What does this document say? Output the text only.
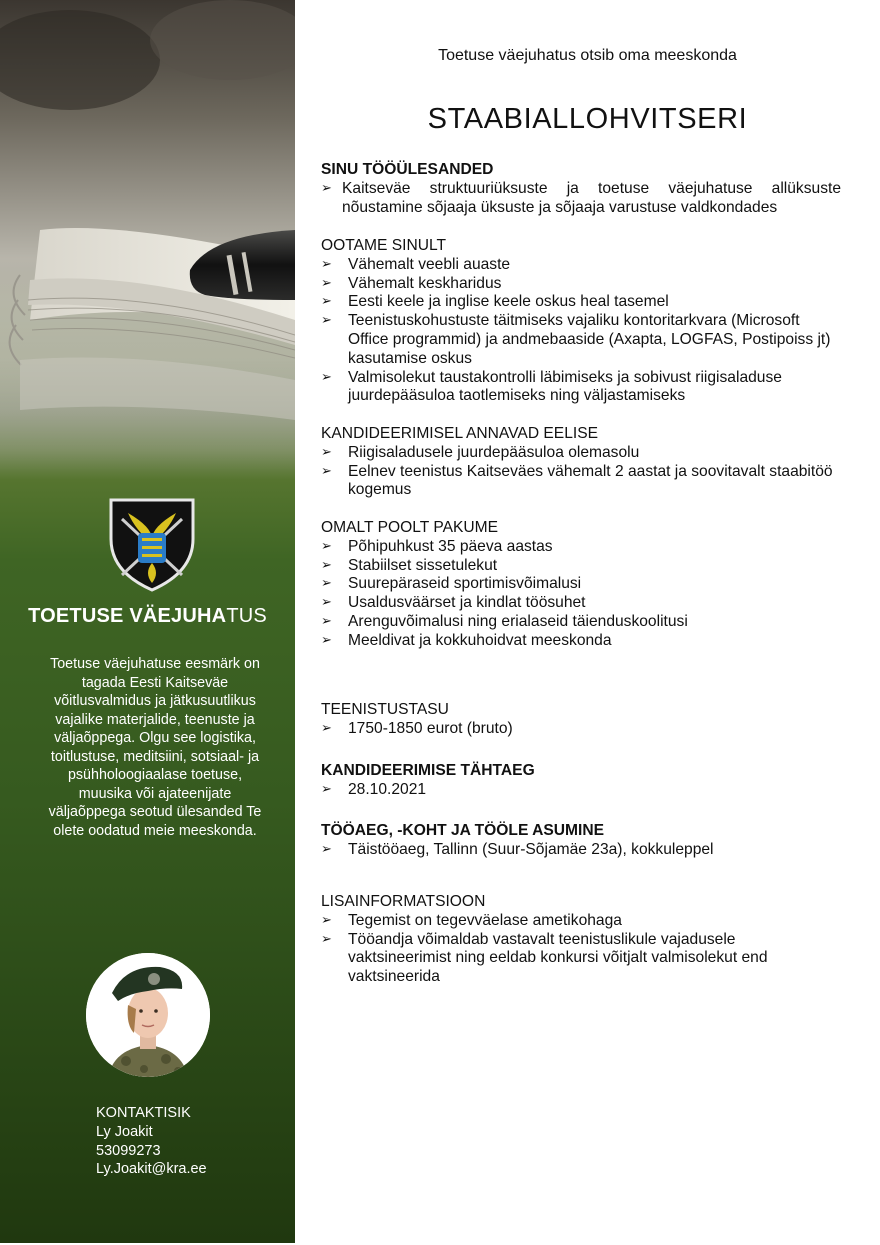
TOETUSE VÄEJUHATUS
Toetuse väejuhatuse eesmärk on tagada Eesti Kaitseväe võitlusvalmidus ja jätkusuutlikus vajalike materjalide, teenuste ja väljaõppega. Olgu see logistika, toitlustuse, meditsiini, sotsiaal- ja psühholoogiaalase toetuse, muusika või ajateenijate väljaõppega seotud ülesanded Te olete oodatud meie meeskonda.
KONTAKTISIK
Ly Joakit
53099273
Ly.Joakit@kra.ee
Toetuse väejuhatus otsib oma meeskonda
STAABIALLOHVITSERI
SINU TÖÖÜLESANDED
➢ Kaitseväe struktuuriüksuste ja toetuse väejuhatuse allüksuste nõustamine sõjaaja üksuste ja sõjaaja varustuse valdkondades
OOTAME SINULT
➢ Vähemalt veebli auaste
➢ Vähemalt keskharidus
➢ Eesti keele ja inglise keele oskus heal tasemel
➢ Teenistuskohustuste täitmiseks vajaliku kontoritarkvara (Microsoft Office programmid) ja andmebaaside (Axapta, LOGFAS, Postipoiss jt) kasutamise oskus
➢ Valmisolekut taustakontrolli läbimiseks ja sobivust riigisaladuse juurdepääsuloa taotlemiseks ning väljastamiseks
KANDIDEERIMISEL ANNAVAD EELISE
➢ Riigisaladusele juurdepääsuloa olemasolu
➢ Eelnev teenistus Kaitseväes vähemalt 2 aastat ja soovitavalt staabitöö kogemus
OMALT POOLT PAKUME
➢ Põhipuhkust 35 päeva aastas
➢ Stabiilset sissetulekut
➢ Suurepäraseid sportimisvõimalusi
➢ Usaldusväärset ja kindlat töösuhet
➢ Arenguvõimalusi ning erialaseid täienduskoolitusi
➢ Meeldivat ja kokkuhoidvat meeskonda
TEENISTUSTASU
➢ 1750-1850 eurot (bruto)
KANDIDEERIMISE TÄHTAEG
➢ 28.10.2021
TÖÖAEG, -KOHT JA TÖÖLE ASUMINE
➢ Täistööaeg, Tallinn (Suur-Sõjamäe 23a), kokkuleppel
LISAINFORMATSIOON
➢ Tegemist on tegevväelase ametikohaga
➢ Tööandja võimaldab vastavalt teenistuslikule vajadusele vaktsineerimist ning eeldab konkursi võitjalt valmisolekut end vaktsineerida
